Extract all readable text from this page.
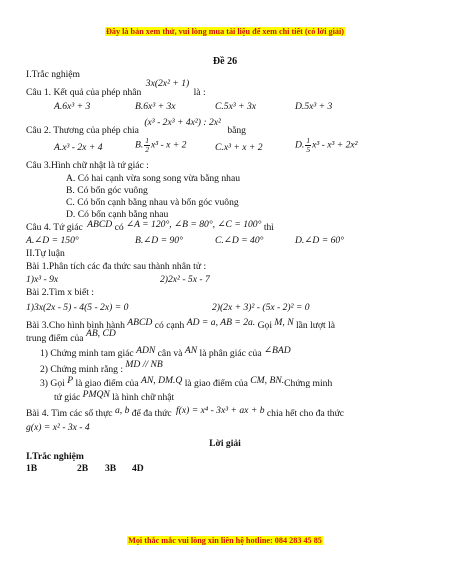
Đây là bản xem thử, vui lòng mua tài liệu để xem chi tiết (có lời giải)
Đề 26
I.Trắc nghiệm
Câu 1. Kết quả của phép nhân 3x(2x² + 1) là :
A.6x³ + 3	B.6x³ + 3x	C.5x³ + 3x	D.5x³ + 3
Câu 2. Thương của phép chia (x³ - 2x³ + 4x²) : 2x² bằng
A.x³ - 2x + 4	B. $\frac{1}{2} x^3 - x + 2$	C.x³ + x + 2	D. $\frac{1}{5} x^3 - x^3 + 2x^2$
Câu 3.Hình chữ nhật là tứ giác :
A. Có hai cạnh vừa song song vừa bằng nhau
B. Có bốn góc vuông
C. Có bốn cạnh bằng nhau và bốn góc vuông
D. Có bốn cạnh bằng nhau
Câu 4. Tứ giác ABCD có ∠A = 120°, ∠B = 80°, ∠C = 100° thì
A.∠D = 150°	B.∠D = 90°	C.∠D = 40°	D.∠D = 60°
II.Tự luận
Bài 1.Phân tích các đa thức sau thành nhân tử :
1)x³ - 9x	2)2x² - 5x - 7
Bài 2.Tìm x biết :
1)3x(2x - 5) - 4(5 - 2x) = 0	2)(2x + 3)² - (5x - 2)² = 0
Bài 3.Cho hình bình hành ABCD có cạnh AD = a, AB = 2a. Gọi M, N lần lượt là
trung điểm của AB, CD
1) Chứng minh tam giác ADN cân và AN là phân giác của ∠BAD
2) Chứng minh rằng : MD // NB
3) Gọi P là giao điểm của AN, DM.Q là giao điểm của CM, BN.Chứng minh
tứ giác PMQN là hình chữ nhật
Bài 4. Tìm các số thực a, b để đa thức f(x) = x⁴ - 3x³ + ax + b chia hết cho đa thức
g(x) = x² - 3x - 4
Lời giải
I.Trắc nghiệm
1B	2B 3B 4D
Mọi thắc mắc vui lòng xin liên hệ hotline: 084 283 45 85
